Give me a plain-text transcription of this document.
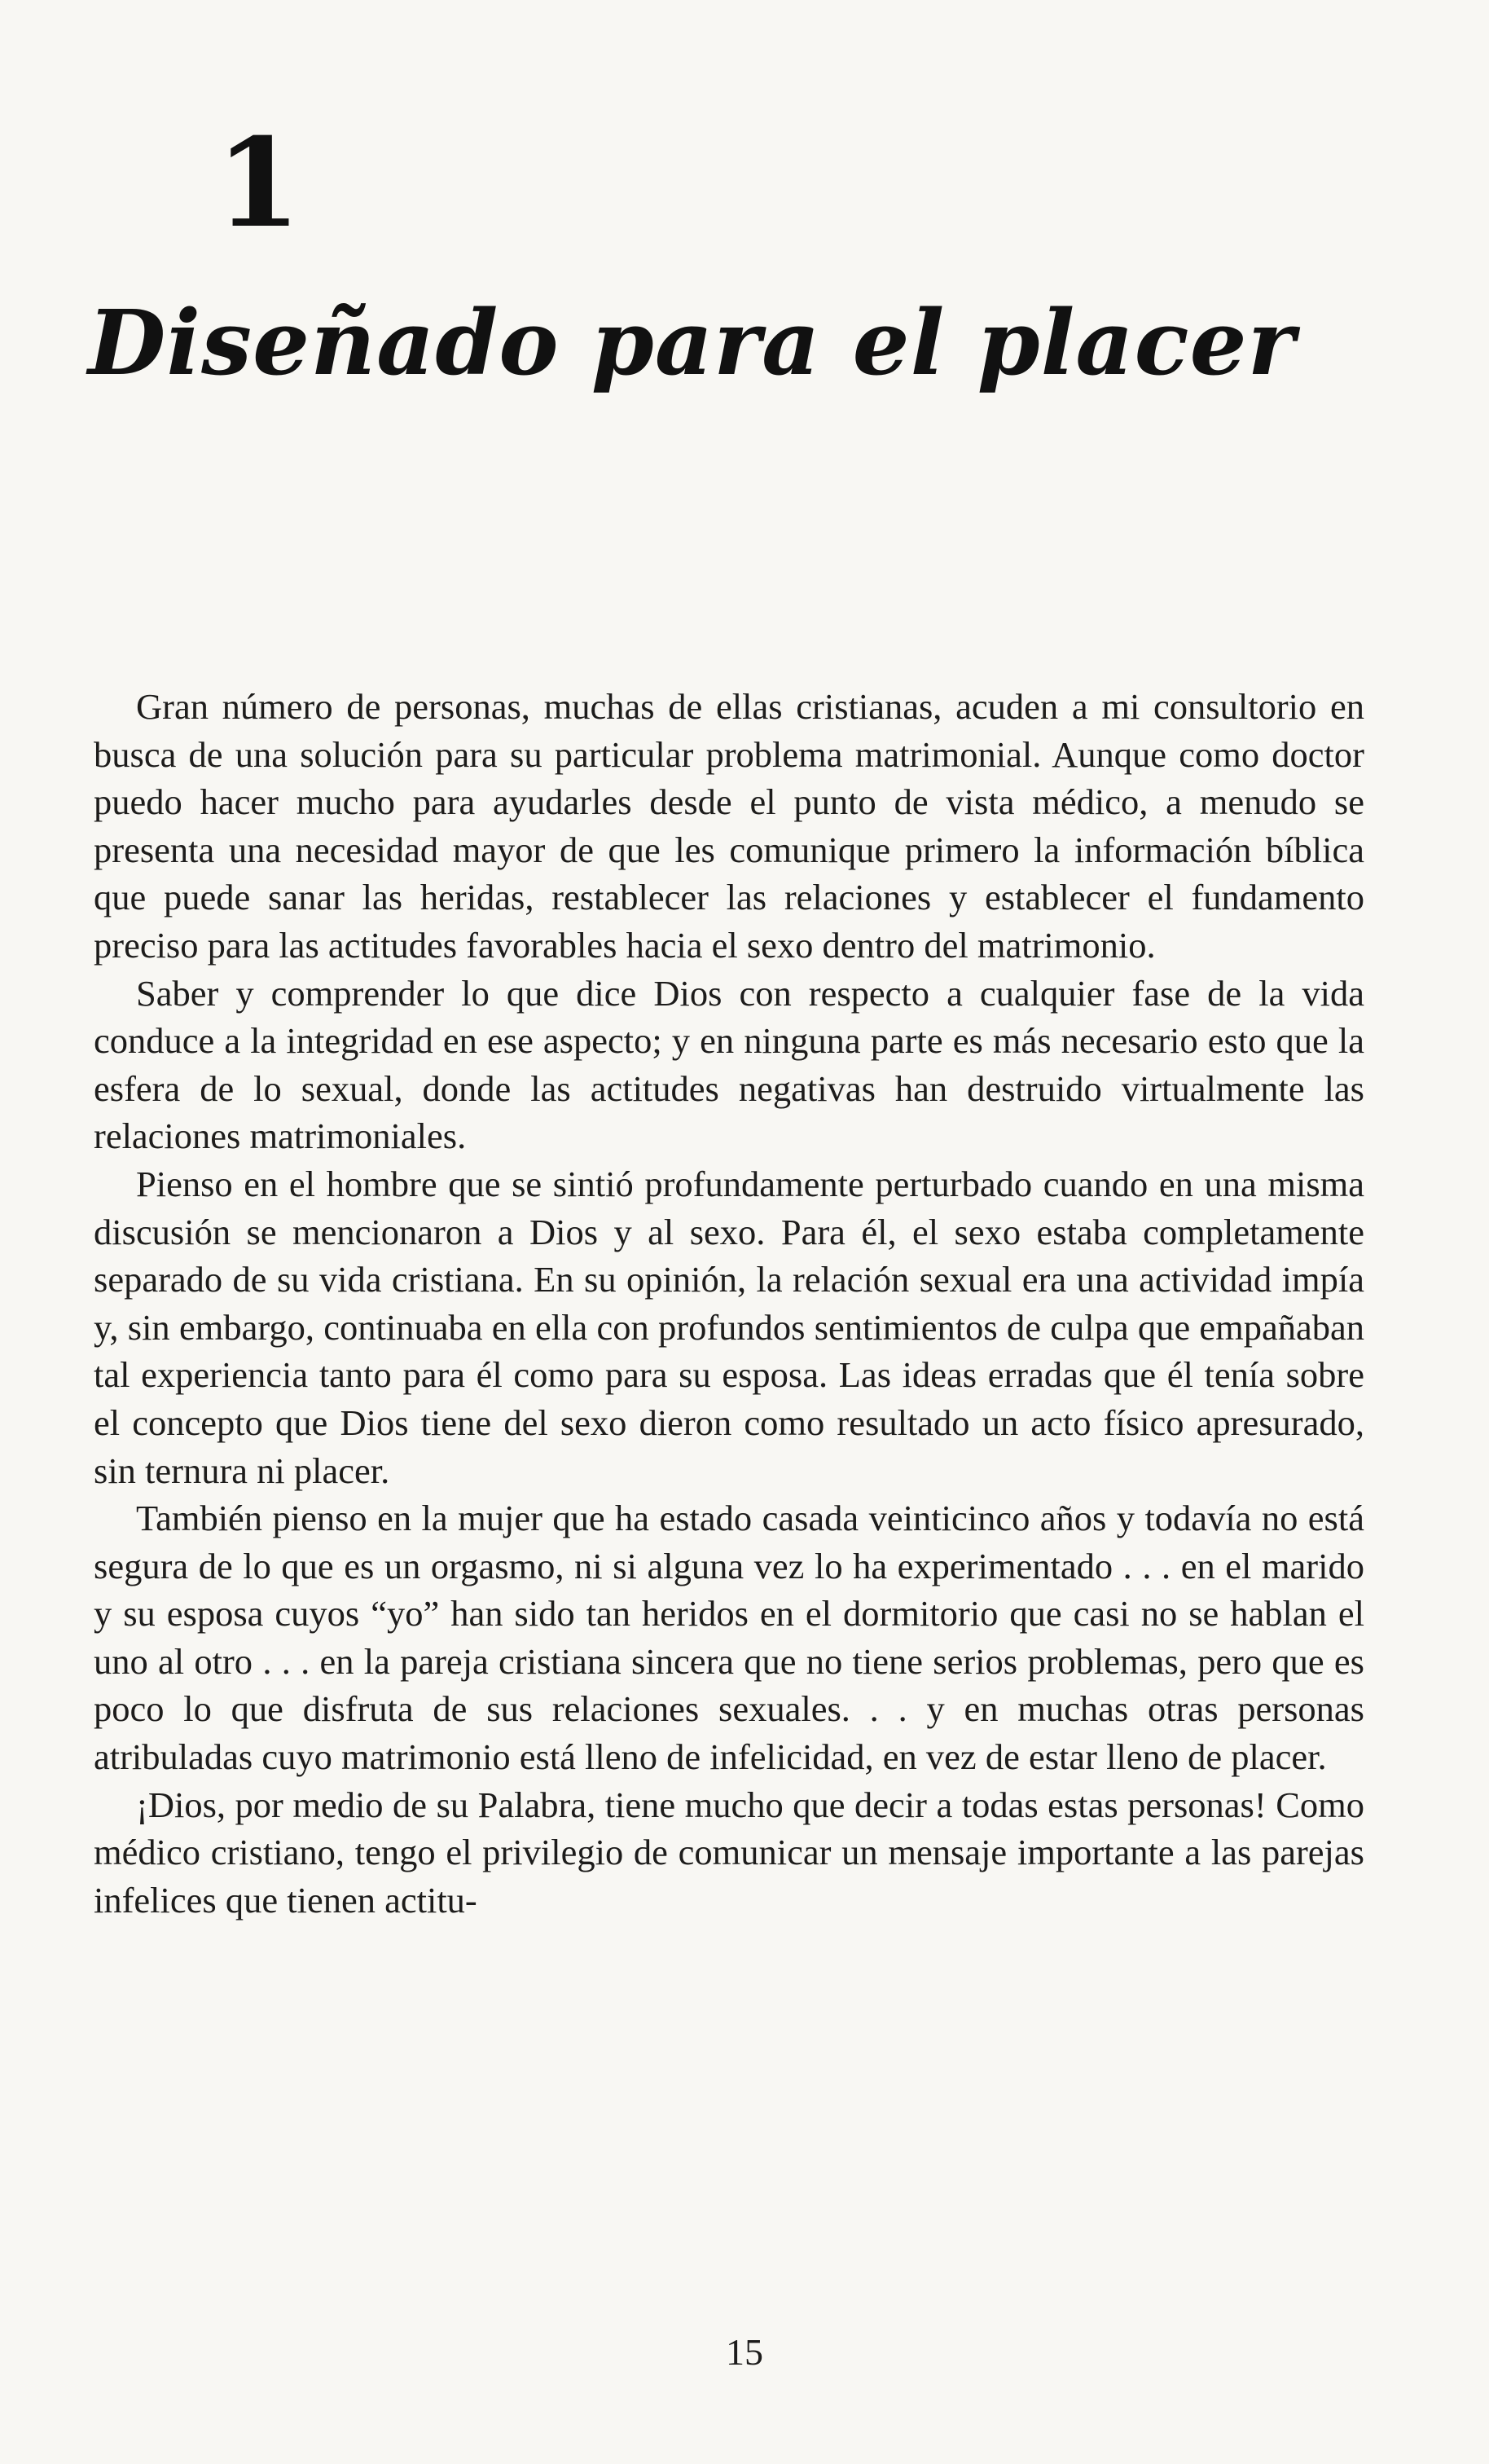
1
Diseñado para el placer

Gran número de personas, muchas de ellas cristianas, acuden a mi consultorio en busca de una solución para su particular problema matrimonial. Aunque como doctor puedo hacer mucho para ayudarles desde el punto de vista médico, a menudo se presenta una necesidad mayor de que les comunique primero la información bíblica que puede sanar las heridas, restablecer las relaciones y establecer el fundamento preciso para las actitudes favorables hacia el sexo dentro del matrimonio.

Saber y comprender lo que dice Dios con respecto a cualquier fase de la vida conduce a la integridad en ese aspecto; y en ninguna parte es más necesario esto que la esfera de lo sexual, donde las actitudes negativas han destruido virtualmente las relaciones matrimoniales.

Pienso en el hombre que se sintió profundamente perturbado cuando en una misma discusión se mencionaron a Dios y al sexo. Para él, el sexo estaba completamente separado de su vida cristiana. En su opinión, la relación sexual era una actividad impía y, sin embargo, continuaba en ella con profundos sentimientos de culpa que empañaban tal experiencia tanto para él como para su esposa. Las ideas erradas que él tenía sobre el concepto que Dios tiene del sexo dieron como resultado un acto físico apresurado, sin ternura ni placer.

También pienso en la mujer que ha estado casada veinticinco años y todavía no está segura de lo que es un orgasmo, ni si alguna vez lo ha experimentado . . . en el marido y su esposa cuyos “yo” han sido tan heridos en el dormitorio que casi no se hablan el uno al otro . . . en la pareja cristiana sincera que no tiene serios problemas, pero que es poco lo que disfruta de sus relaciones sexuales. . . y en muchas otras personas atribuladas cuyo matrimonio está lleno de infelicidad, en vez de estar lleno de placer.

¡Dios, por medio de su Palabra, tiene mucho que decir a todas estas personas! Como médico cristiano, tengo el privilegio de comunicar un mensaje importante a las parejas infelices que tienen actitu-

15
